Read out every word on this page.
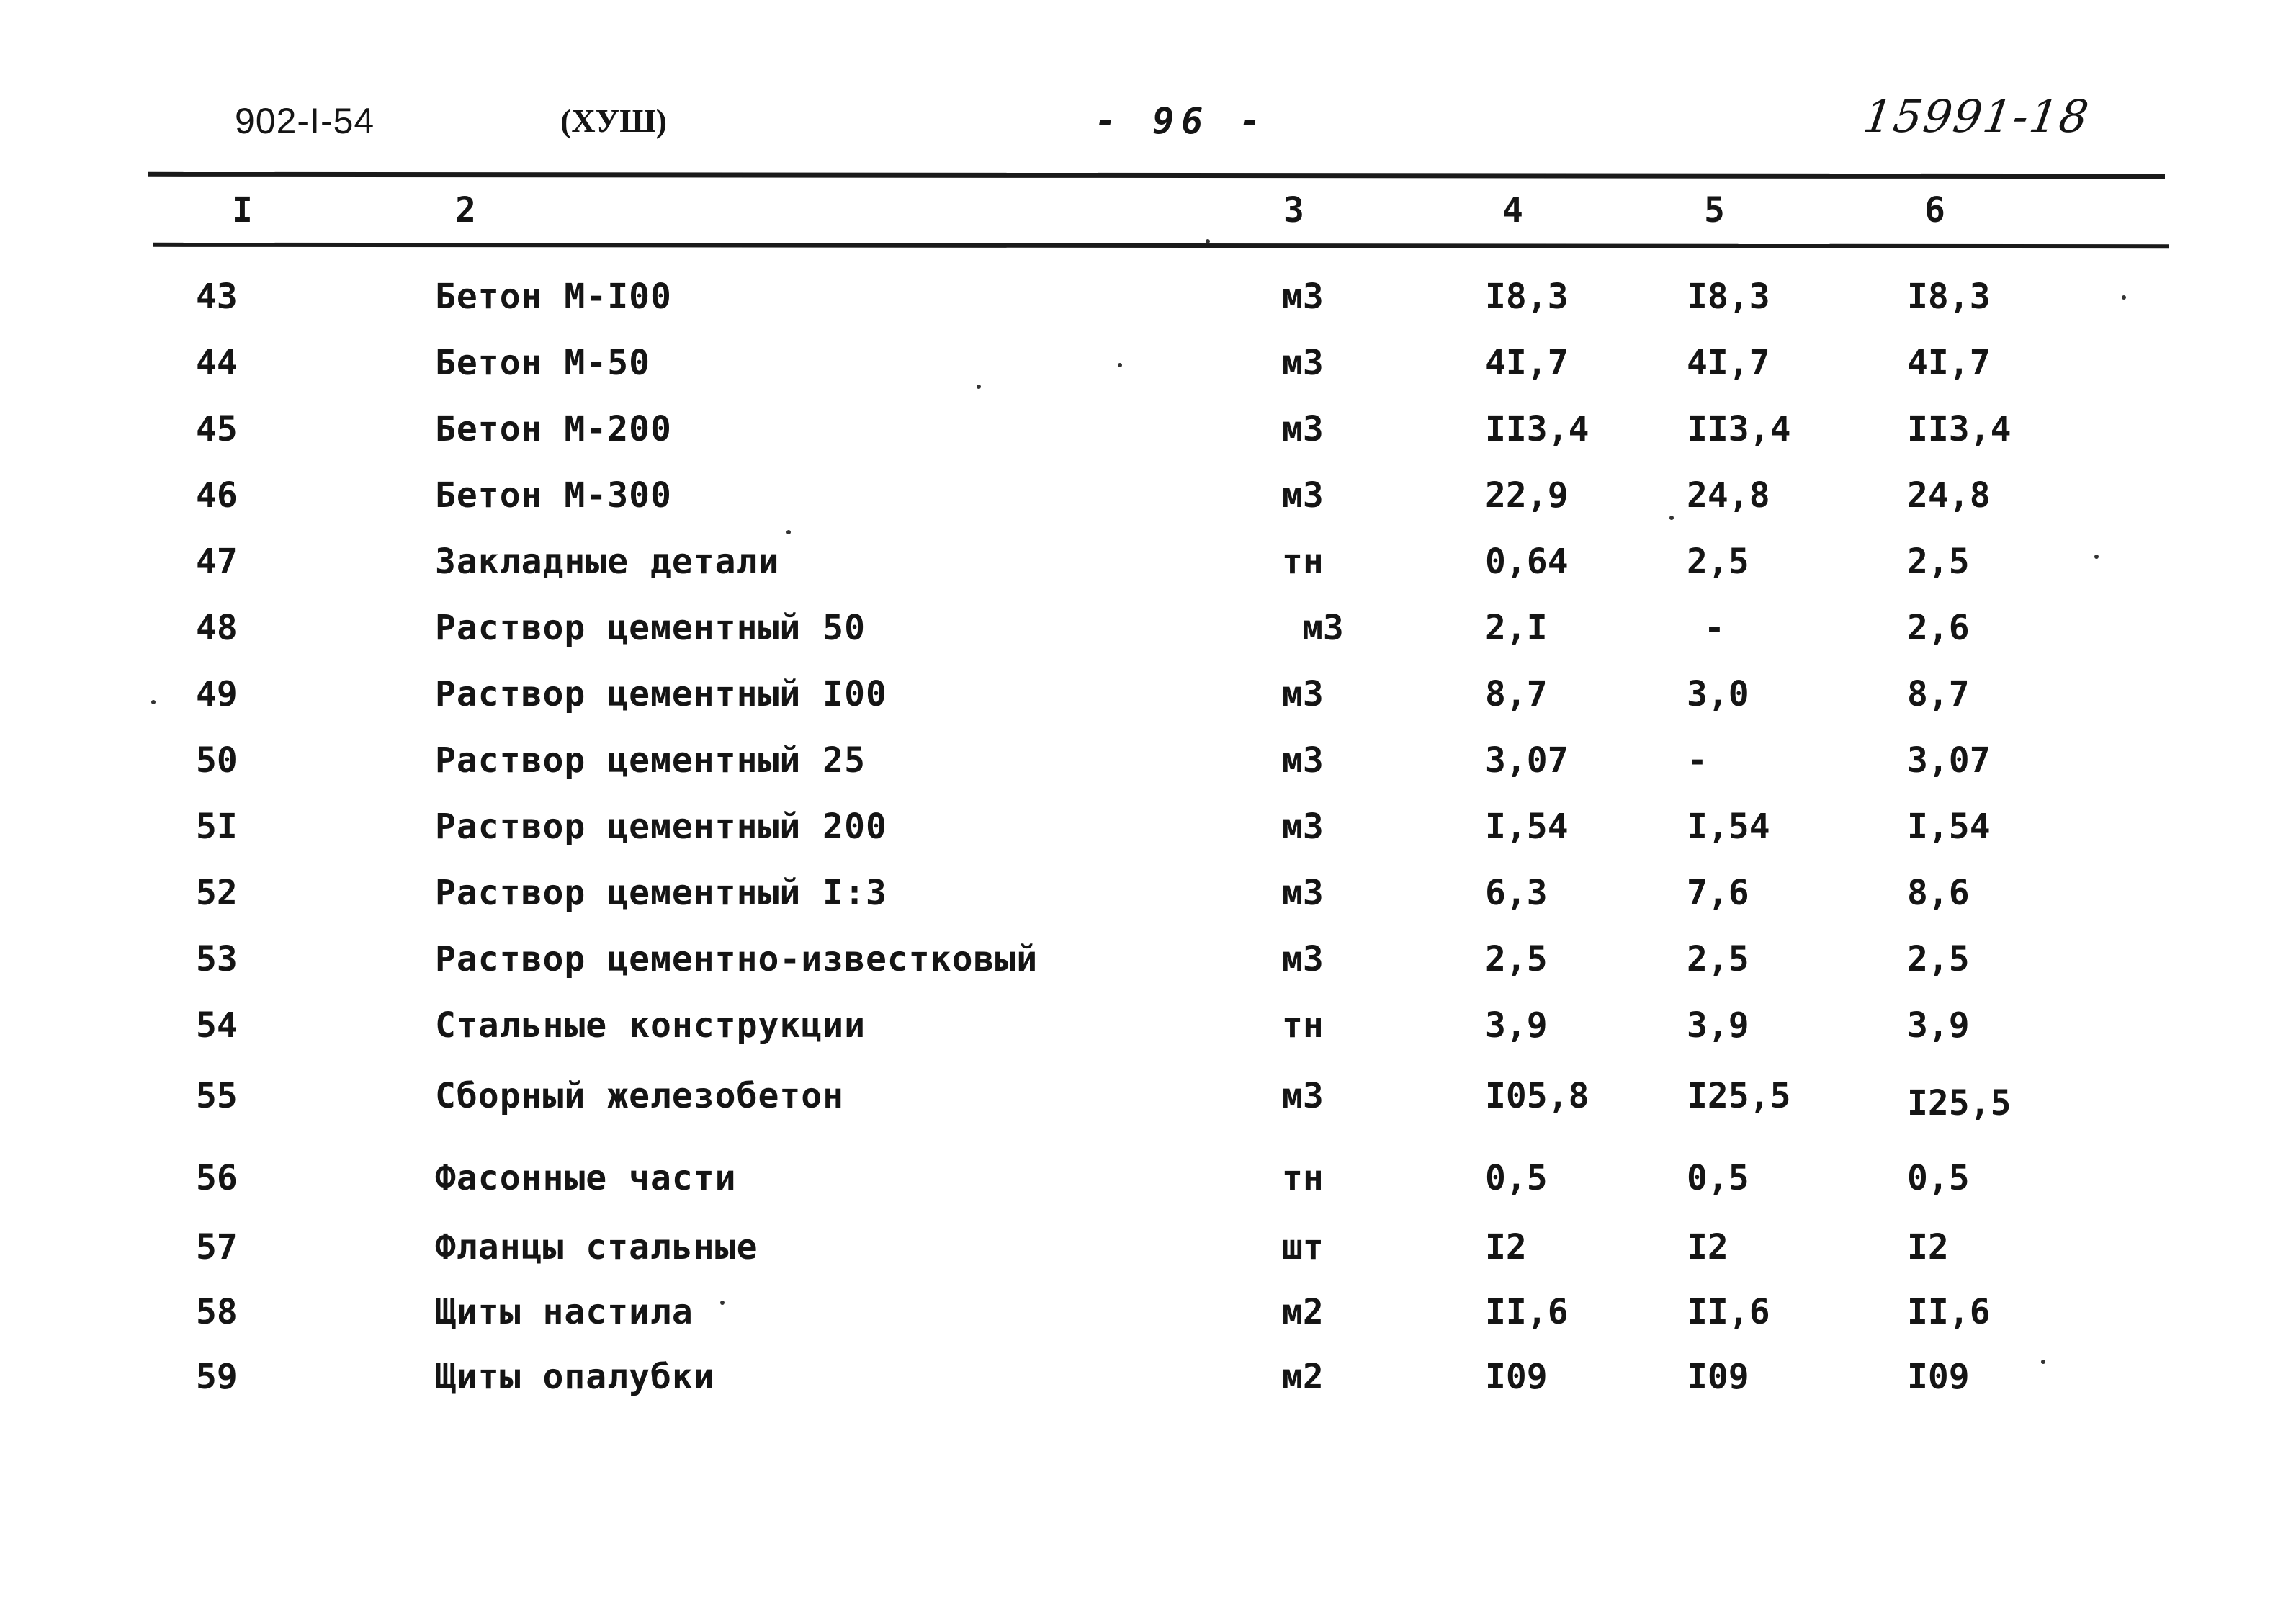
902-I-54	(ХУШ)	- 96 -	15991-18
I	2	3	4	5	6
43	Бетон М-I00	м3	I8,3	I8,3	I8,3
44	Бетон М-50	м3	4I,7	4I,7	4I,7
45	Бетон М-200	м3	II3,4	II3,4	II3,4
46	Бетон М-300	м3	22,9	24,8	24,8
47	Закладные детали	тн	0,64	2,5	2,5
48	Раствор цементный 50	м3	2,I	-	2,6
49	Раствор цементный I00	м3	8,7	3,0	8,7
50	Раствор цементный 25	м3	3,07	-	3,07
5I	Раствор цементный 200	м3	I,54	I,54	I,54
52	Раствор цементный I:3	м3	6,3	7,6	8,6
53	Раствор цементно-известковый	м3	2,5	2,5	2,5
54	Стальные конструкции	тн	3,9	3,9	3,9
55	Сборный железобетон	м3	I05,8	I25,5	I25,5
56	Фасонные части	тн	0,5	0,5	0,5
57	Фланцы стальные	шт	I2	I2	I2
58	Щиты настила	м2	II,6	II,6	II,6
59	Щиты опалубки	м2	I09	I09	I09
